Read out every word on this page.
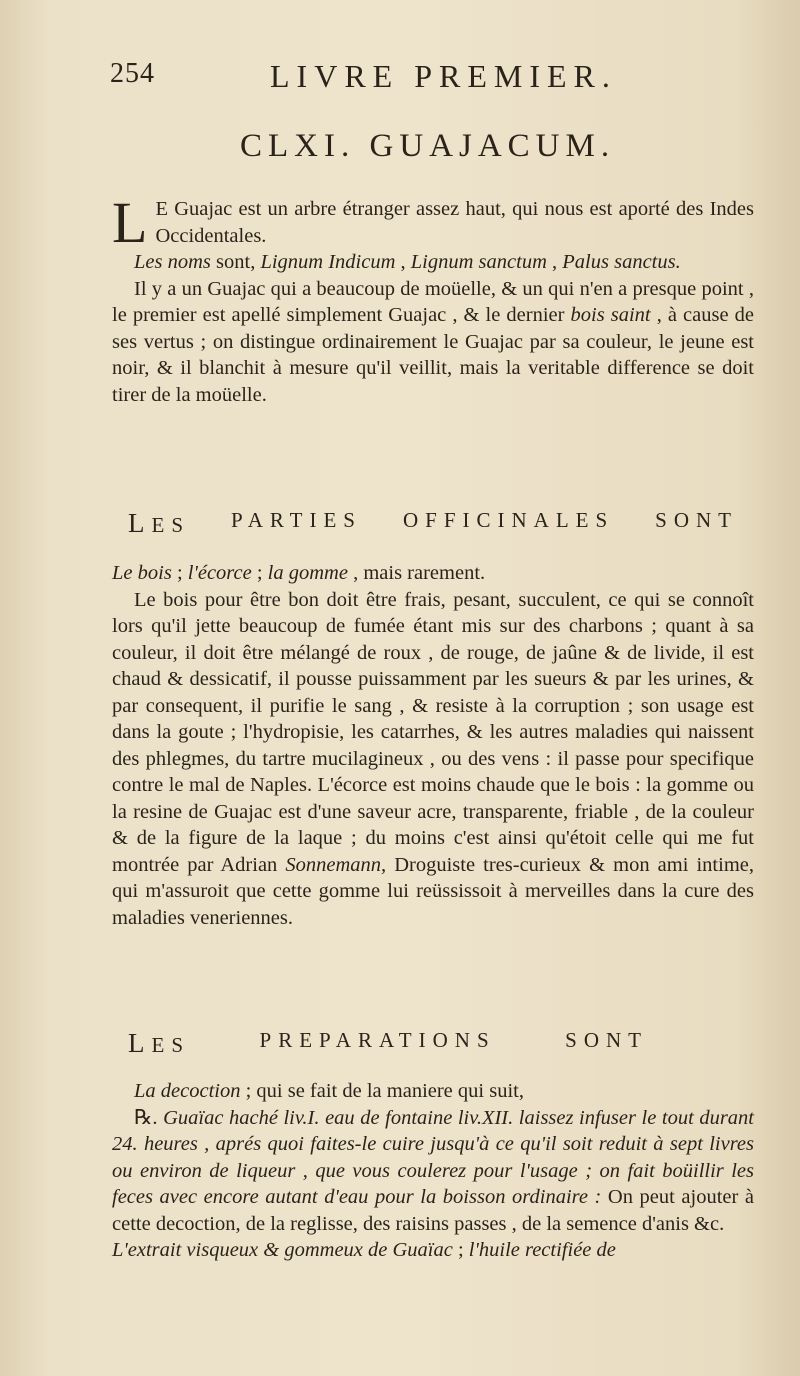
254	LIVRE PREMIER.
CLXI. GUAJACUM.

L E Guajac est un arbre étranger assez haut, qui nous est aporté des Indes Occidentales.

Les noms sont, Lignum Indicum , Lignum sanctum , Palus sanctus.

Il y a un Guajac qui a beaucoup de moüelle, & un qui n'en a presque point , le premier est apellé simplement Guajac , & le dernier bois saint , à cause de ses vertus ; on distingue ordinairement le Guajac par sa couleur, le jeune est noir, & il blanchit à mesure qu'il veillit, mais la veritable difference se doit tirer de la moüelle.

LES PARTIES OFFICINALES SONT

Le bois ; l'écorce ; la gomme , mais rarement.

Le bois pour être bon doit être frais, pesant, succulent, ce qui se connoît lors qu'il jette beaucoup de fumée étant mis sur des charbons ; quant à sa couleur, il doit être mélangé de roux , de rouge, de jaûne & de livide, il est chaud & dessicatif, il pousse puissamment par les sueurs & par les urines, & par consequent, il purifie le sang , & resiste à la corruption ; son usage est dans la goute ; l'hydropisie, les catarrhes, & les autres maladies qui naissent des phlegmes, du tartre mucilagineux , ou des vens : il passe pour specifique contre le mal de Naples. L'écorce est moins chaude que le bois : la gomme ou la resine de Guajac est d'une saveur acre, transparente, friable , de la couleur & de la figure de la laque ; du moins c'est ainsi qu'étoit celle qui me fut montrée par Adrian Sonnemann, Droguiste tres-curieux & mon ami intime, qui m'assuroit que cette gomme lui reüssissoit à merveilles dans la cure des maladies veneriennes.

LES	PREPARATIONS	SONT

La decoction ; qui se fait de la maniere qui suit,

℞. Guaïac haché liv.I. eau de fontaine liv.XII. laissez infuser le tout durant 24. heures , aprés quoi faites-le cuire jusqu'à ce qu'il soit reduit à sept livres ou environ de liqueur , que vous coulerez pour l'usage ; on fait boüillir les feces avec encore autant d'eau pour la boisson ordinaire : On peut ajouter à cette decoction, de la reglisse, des raisins passes , de la semence d'anis &c.

L'extrait visqueux & gommeux de Guaïac ; l'huile rectifiée de
